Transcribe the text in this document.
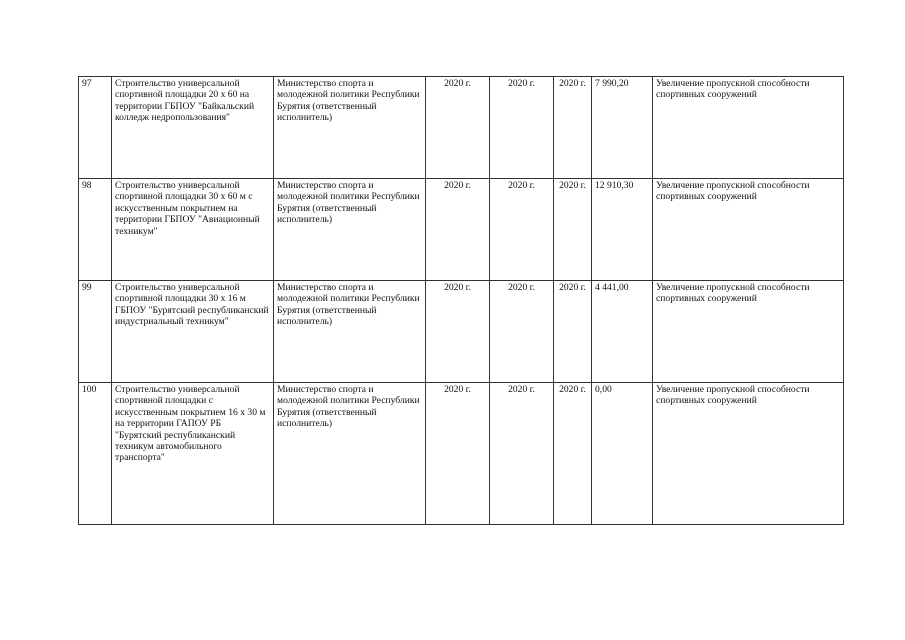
97	Строительство универсальной спортивной площадки 20 х 60 на территории ГБПОУ "Байкальский колледж недропользования"	Министерство спорта и молодежной политики Республики Бурятия (ответственный исполнитель)	2020 г.	2020 г.	2020 г.	7 990,20	Увеличение пропускной способности спортивных сооружений
98	Строительство универсальной спортивной площадки 30 х 60 м с искусственным покрытием на территории ГБПОУ "Авиационный техникум"	Министерство спорта и молодежной политики Республики Бурятия (ответственный исполнитель)	2020 г.	2020 г.	2020 г.	12 910,30	Увеличение пропускной способности спортивных сооружений
99	Строительство универсальной спортивной площадки 30 х 16 м ГБПОУ "Бурятский республиканский индустриальный техникум"	Министерство спорта и молодежной политики Республики Бурятия (ответственный исполнитель)	2020 г.	2020 г.	2020 г.	4 441,00	Увеличение пропускной способности спортивных сооружений
100	Строительство универсальной спортивной площадки с искусственным покрытием 16 х 30 м на территории ГАПОУ РБ "Бурятский республиканский техникум автомобильного транспорта"	Министерство спорта и молодежной политики Республики Бурятия (ответственный исполнитель)	2020 г.	2020 г.	2020 г.	0,00	Увеличение пропускной способности спортивных сооружений
